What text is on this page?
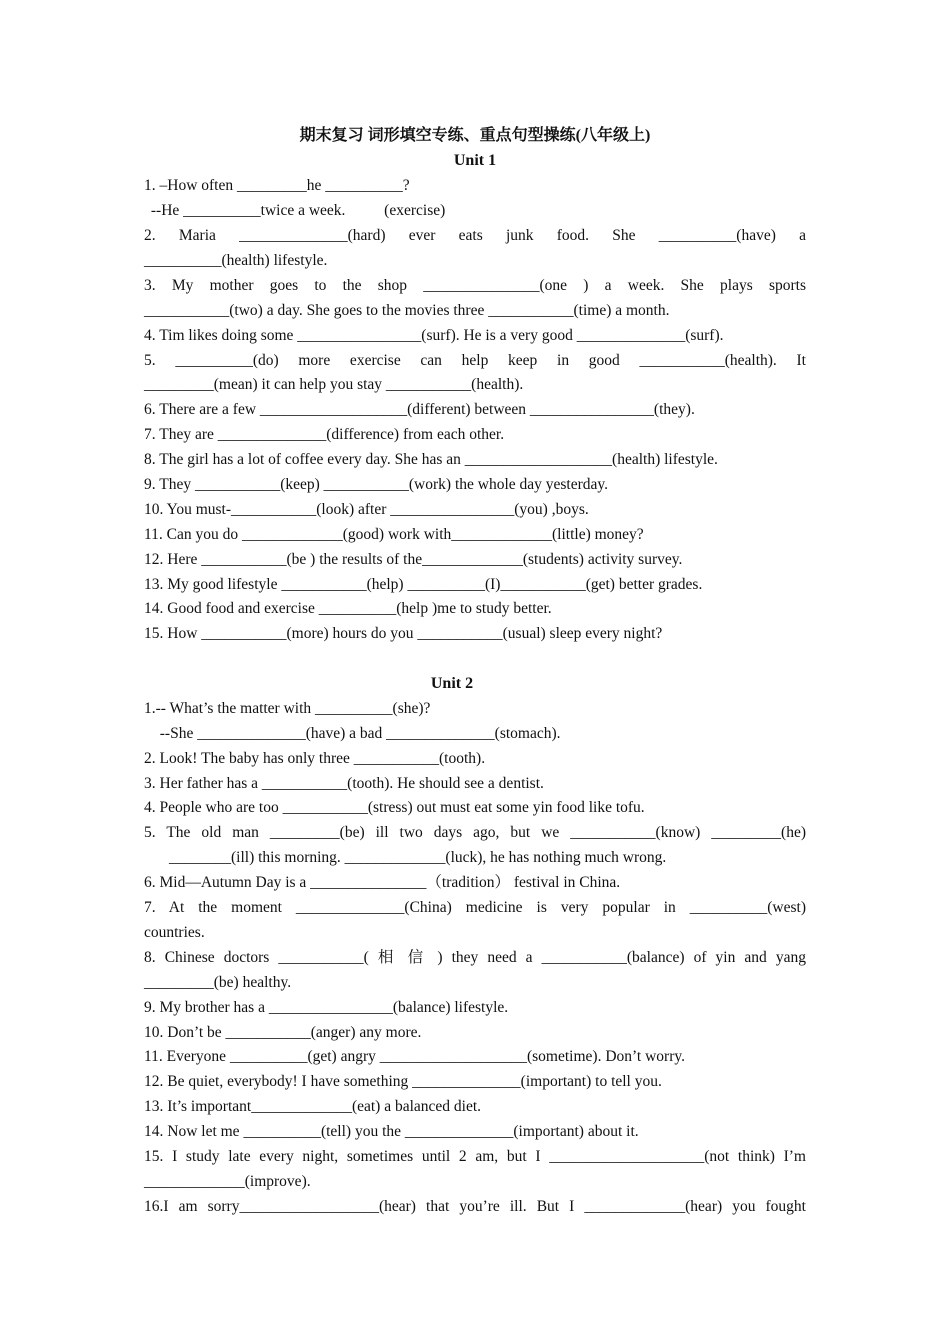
期末复习 词形填空专练、重点句型操练(八年级上)
Unit 1
1. –How often _________he __________?
--He __________twice a week.          (exercise)
2. Maria ______________(hard) ever eats junk food. She __________(have) a
__________(health) lifestyle.
3. My mother goes to the shop _______________(one ) a week. She plays sports
___________(two) a day. She goes to the movies three ___________(time) a month.
4. Tim likes doing some ________________(surf). He is a very good ______________(surf).
5. __________(do) more exercise can help keep in good ___________(health). It
_________(mean) it can help you stay ___________(health).
6. There are a few ___________________(different) between ________________(they).
7. They are ______________(difference) from each other.
8. The girl has a lot of coffee every day. She has an ___________________(health) lifestyle.
9. They ___________(keep) ___________(work) the whole day yesterday.
10. You must-___________(look) after ________________(you) ,boys.
11. Can you do _____________(good) work with_____________(little) money?
12. Here ___________(be ) the results of the_____________(students) activity survey.
13. My good lifestyle ___________(help) __________(I)___________(get) better grades.
14. Good food and exercise __________(help )me to study better.
15. How ___________(more) hours do you ___________(usual) sleep every night?
Unit 2
1.-- What’s the matter with __________(she)?
--She ______________(have) a bad ______________(stomach).
2. Look! The baby has only three ___________(tooth).
3. Her father has a ___________(tooth). He should see a dentist.
4. People who are too ___________(stress) out must eat some yin food like tofu.
5. The old man _________(be) ill two days ago, but we ___________(know) _________(he)
________(ill) this morning. _____________(luck), he has nothing much wrong.
6. Mid—Autumn Day is a _______________（tradition） festival in China.
7. At the moment ______________(China) medicine is very popular in __________(west)
countries.
8. Chinese doctors ___________( 相 信 ) they need a ___________(balance) of yin and yang
_________(be) healthy.
9. My brother has a ________________(balance) lifestyle.
10. Don’t be ___________(anger) any more.
11. Everyone __________(get) angry ___________________(sometime). Don’t worry.
12. Be quiet, everybody! I have something ______________(important) to tell you.
13. It’s important_____________(eat) a balanced diet.
14. Now let me __________(tell) you the ______________(important) about it.
15. I study late every night, sometimes until 2 am, but I ____________________(not think) I’m
_____________(improve).
16.I am sorry__________________(hear) that you’re ill. But I _____________(hear) you fought
